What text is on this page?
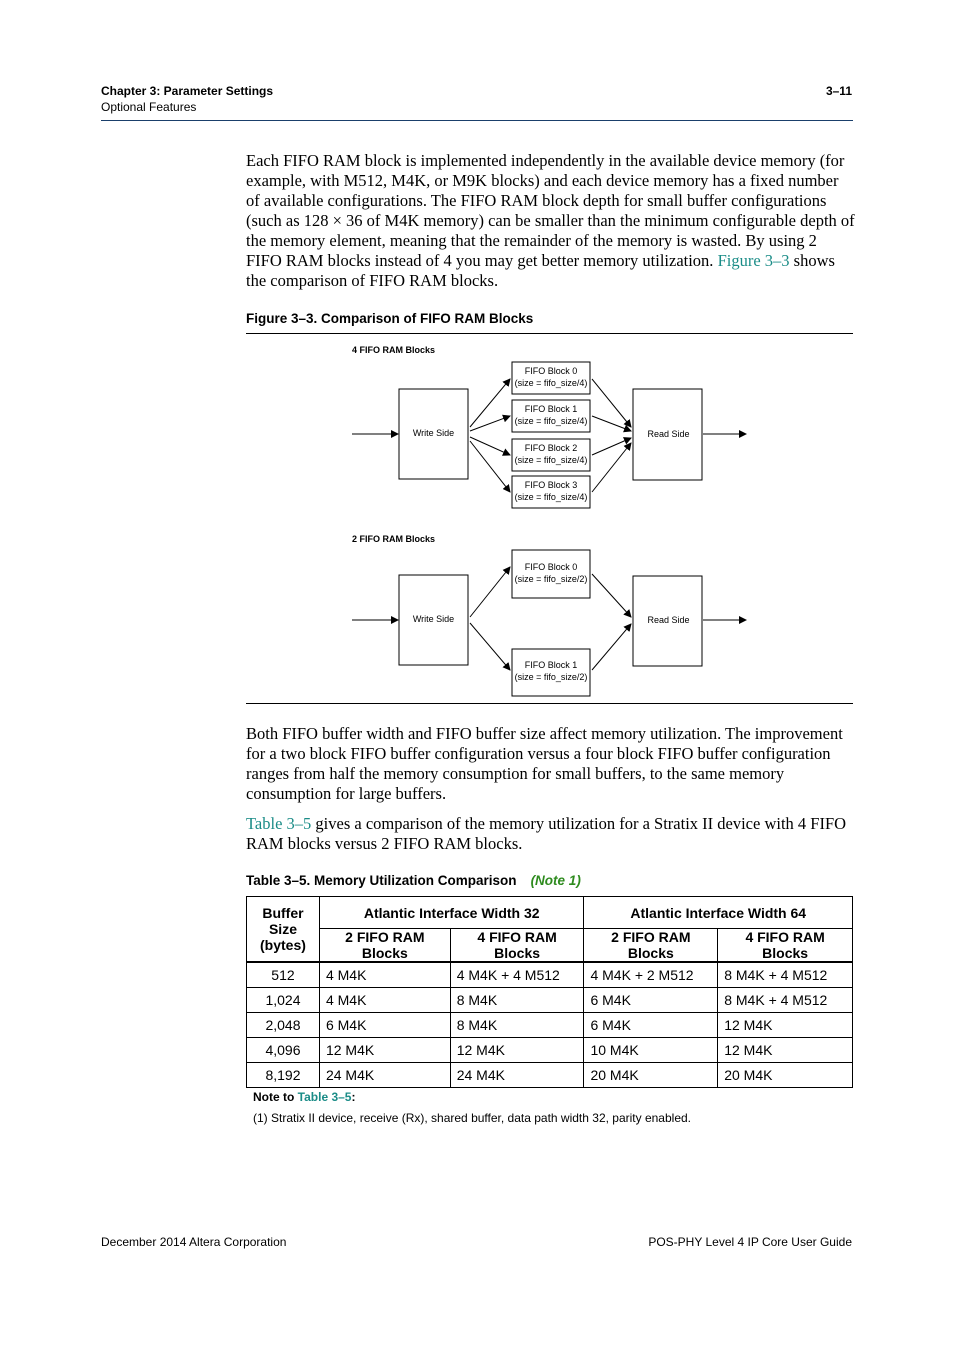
Chapter 3: Parameter Settings
Optional Features
3–11
Each FIFO RAM block is implemented independently in the available device memory (for example, with M512, M4K, or M9K blocks) and each device memory has a fixed number of available configurations. The FIFO RAM block depth for small buffer configurations (such as 128 × 36 of M4K memory) can be smaller than the minimum configurable depth of the memory element, meaning that the remainder of the memory is wasted. By using 2 FIFO RAM blocks instead of 4 you may get better memory utilization. Figure 3–3 shows the comparison of FIFO RAM blocks.
Figure 3–3. Comparison of FIFO RAM Blocks
4 FIFO RAM Blocks
Write Side
FIFO Block 0
(size = fifo_size/4)
FIFO Block 1
(size = fifo_size/4)
FIFO Block 2
(size = fifo_size/4)
FIFO Block 3
(size = fifo_size/4)
Read Side
2 FIFO RAM Blocks
Write Side
FIFO Block 0
(size = fifo_size/2)
FIFO Block 1
(size = fifo_size/2)
Read Side
Both FIFO buffer width and FIFO buffer size affect memory utilization. The improvement for a two block FIFO buffer configuration versus a four block FIFO buffer configuration ranges from half the memory consumption for small buffers, to the same memory consumption for large buffers.
Table 3–5 gives a comparison of the memory utilization for a Stratix II device with 4 FIFO RAM blocks versus 2 FIFO RAM blocks.
Table 3–5. Memory Utilization Comparison (Note 1)
Buffer Size (bytes)	Atlantic Interface Width 32		Atlantic Interface Width 64	
	2 FIFO RAM Blocks	4 FIFO RAM Blocks	2 FIFO RAM Blocks	4 FIFO RAM Blocks
512	4 M4K	4 M4K + 4 M512	4 M4K + 2 M512	8 M4K + 4 M512
1,024	4 M4K	8 M4K	6 M4K	8 M4K + 4 M512
2,048	6 M4K	8 M4K	6 M4K	12 M4K
4,096	12 M4K	12 M4K	10 M4K	12 M4K
8,192	24 M4K	24 M4K	20 M4K	20 M4K
Note to Table 3–5:
(1) Stratix II device, receive (Rx), shared buffer, data path width 32, parity enabled.
December 2014 Altera Corporation	POS-PHY Level 4 IP Core User Guide
